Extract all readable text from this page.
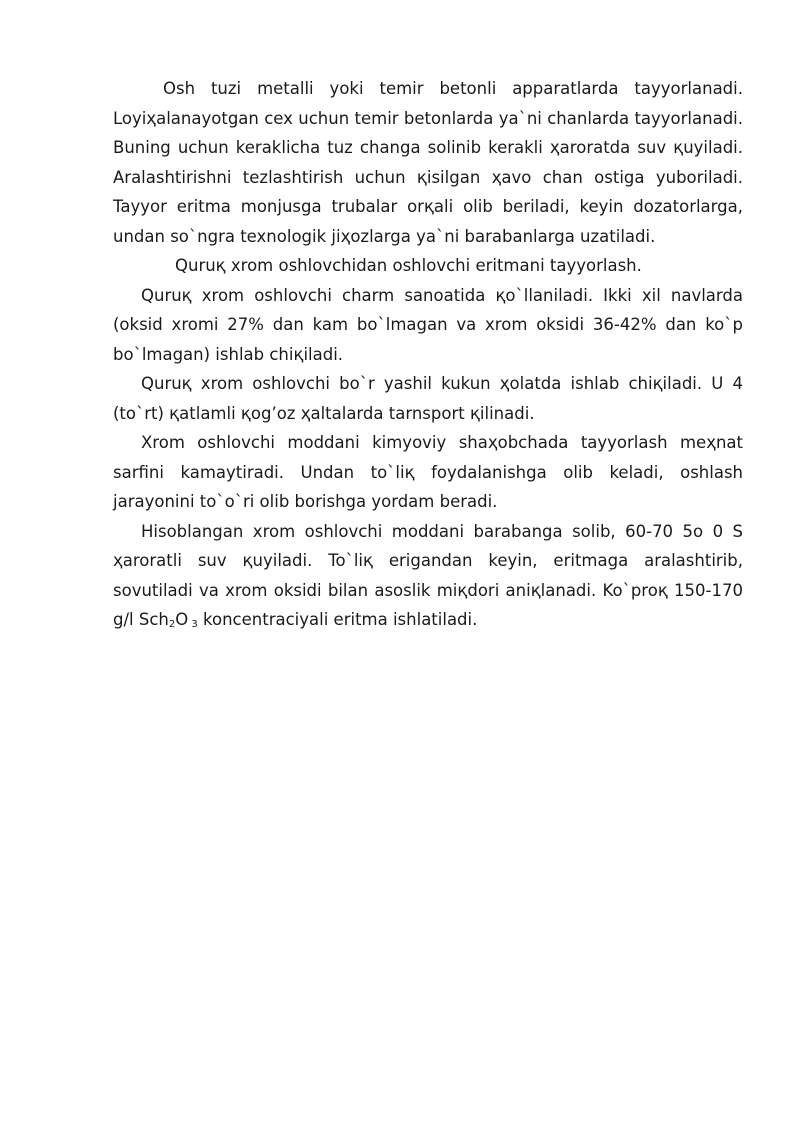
Osh tuzi metalli yoki temir betonli apparatlarda tayyorlanadi. Loyiҳalanayotgan cex uchun temir betonlarda ya`ni chanlarda tayyorlanadi. Buning uchun keraklicha tuz changa solinib kerakli ҳaroratda suv қuyiladi. Aralashtirishni tezlashtirish uchun қisilgan ҳavo chan ostiga yuboriladi. Tayyor eritma monjusga trubalar orқali olib beriladi, keyin dozatorlarga, undan so`ngra texnologik jiҳozlarga ya`ni barabanlarga uzatiladi.

Quruқ xrom oshlovchidan oshlovchi eritmani tayyorlash.

Quruқ xrom oshlovchi charm sanoatida қo`llaniladi. Ikki xil navlarda (oksid xromi 27% dan kam bo`lmagan va xrom oksidi 36-42% dan ko`p bo`lmagan) ishlab chiқiladi.

Quruқ xrom oshlovchi bo`r yashil kukun ҳolatda ishlab chiқiladi. U 4 (to`rt) қatlamli қog’oz ҳaltalarda tarnsport қilinadi.

Xrom oshlovchi moddani kimyoviy shaҳobchada tayyorlash meҳnat sarfini kamaytiradi. Undan to`liқ foydalanishga olib keladi, oshlash jarayonini to`o`ri olib borishga yordam beradi.

Hisoblangan xrom oshlovchi moddani barabanga solib, 60-70 5o 0 S ҳaroratli suv қuyiladi. To`liқ erigandan keyin, eritmaga aralashtirib, sovutiladi va xrom oksidi bilan asoslik miқdori aniқlanadi. Ko`proқ 150-170 g/l Sch$_2$O $_3$ koncentraciyali eritma ishlatiladi.
